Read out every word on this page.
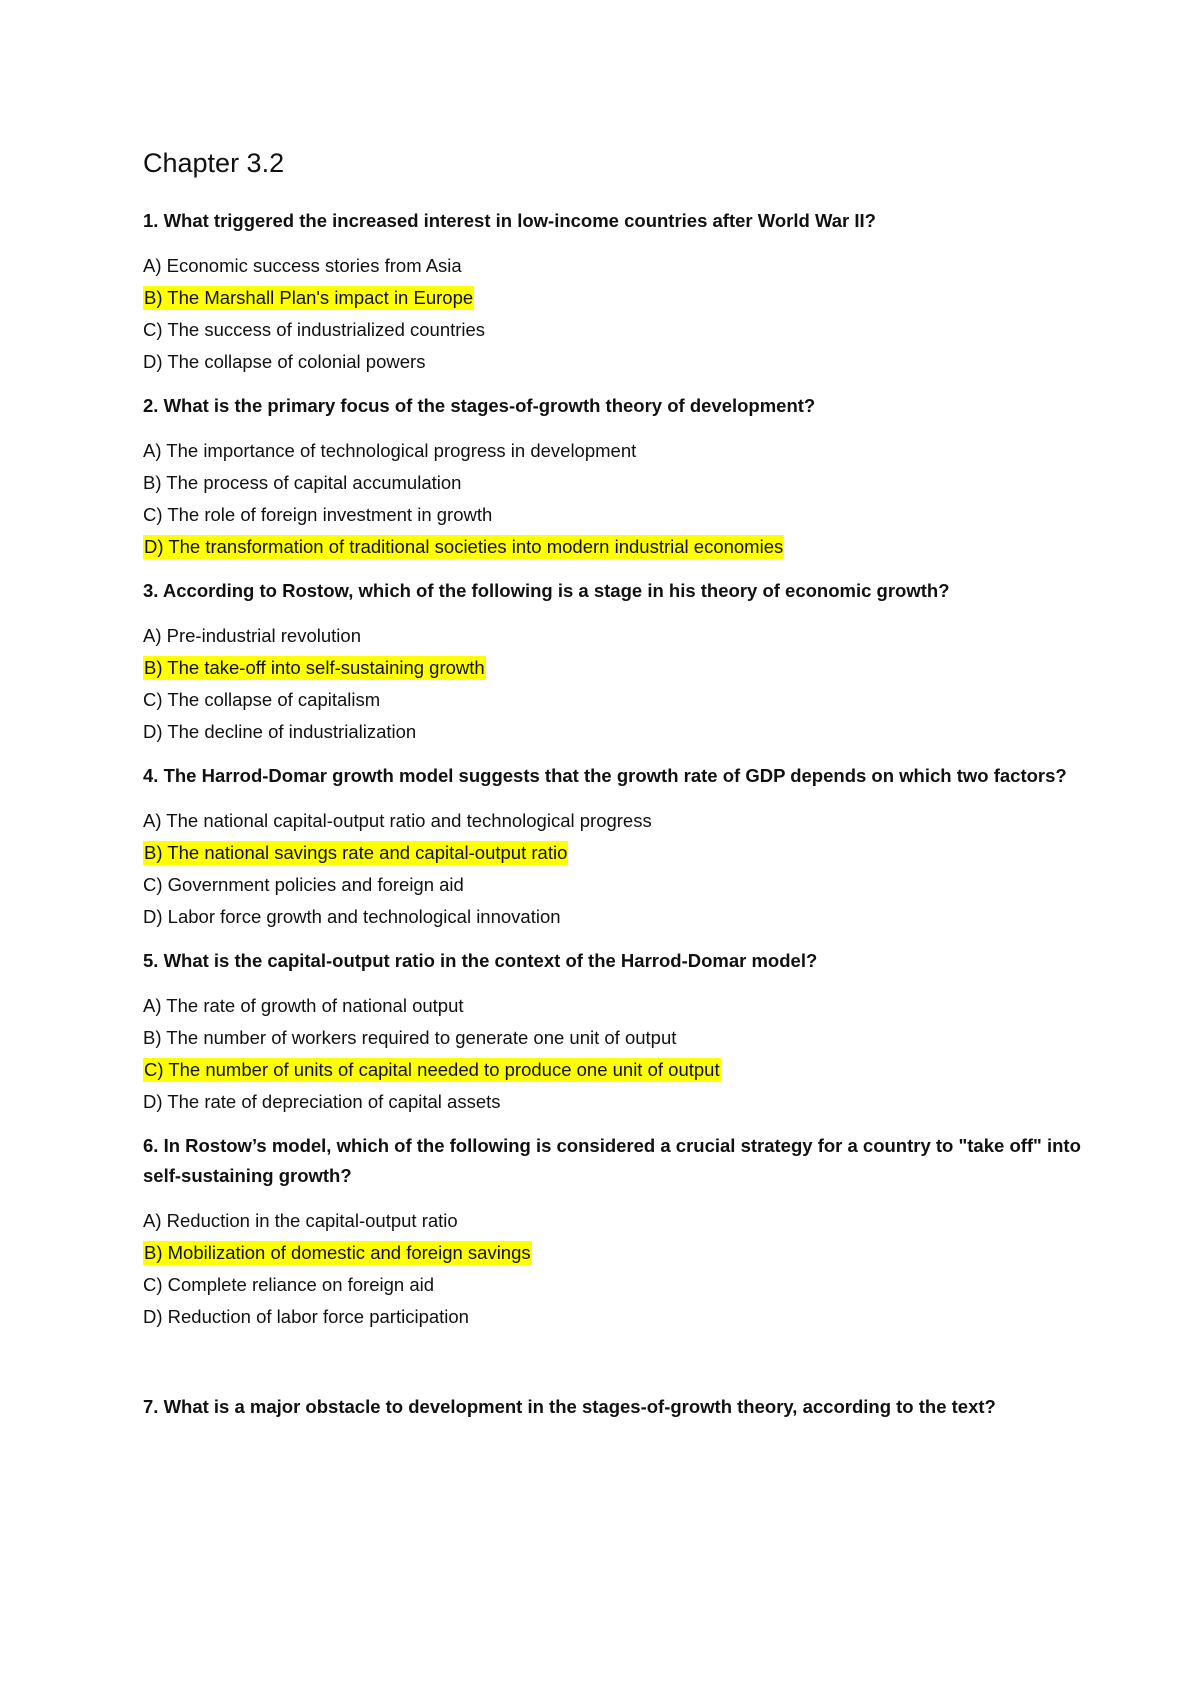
Chapter 3.2

1. What triggered the increased interest in low-income countries after World War II?

A) Economic success stories from Asia
B) The Marshall Plan's impact in Europe
C) The success of industrialized countries
D) The collapse of colonial powers

2. What is the primary focus of the stages-of-growth theory of development?

A) The importance of technological progress in development
B) The process of capital accumulation
C) The role of foreign investment in growth
D) The transformation of traditional societies into modern industrial economies

3. According to Rostow, which of the following is a stage in his theory of economic growth?

A) Pre-industrial revolution
B) The take-off into self-sustaining growth
C) The collapse of capitalism
D) The decline of industrialization

4. The Harrod-Domar growth model suggests that the growth rate of GDP depends on which two factors?

A) The national capital-output ratio and technological progress
B) The national savings rate and capital-output ratio
C) Government policies and foreign aid
D) Labor force growth and technological innovation

5. What is the capital-output ratio in the context of the Harrod-Domar model?

A) The rate of growth of national output
B) The number of workers required to generate one unit of output
C) The number of units of capital needed to produce one unit of output
D) The rate of depreciation of capital assets

6. In Rostow’s model, which of the following is considered a crucial strategy for a country to "take off" into self-sustaining growth?

A) Reduction in the capital-output ratio
B) Mobilization of domestic and foreign savings
C) Complete reliance on foreign aid
D) Reduction of labor force participation

7. What is a major obstacle to development in the stages-of-growth theory, according to the text?
